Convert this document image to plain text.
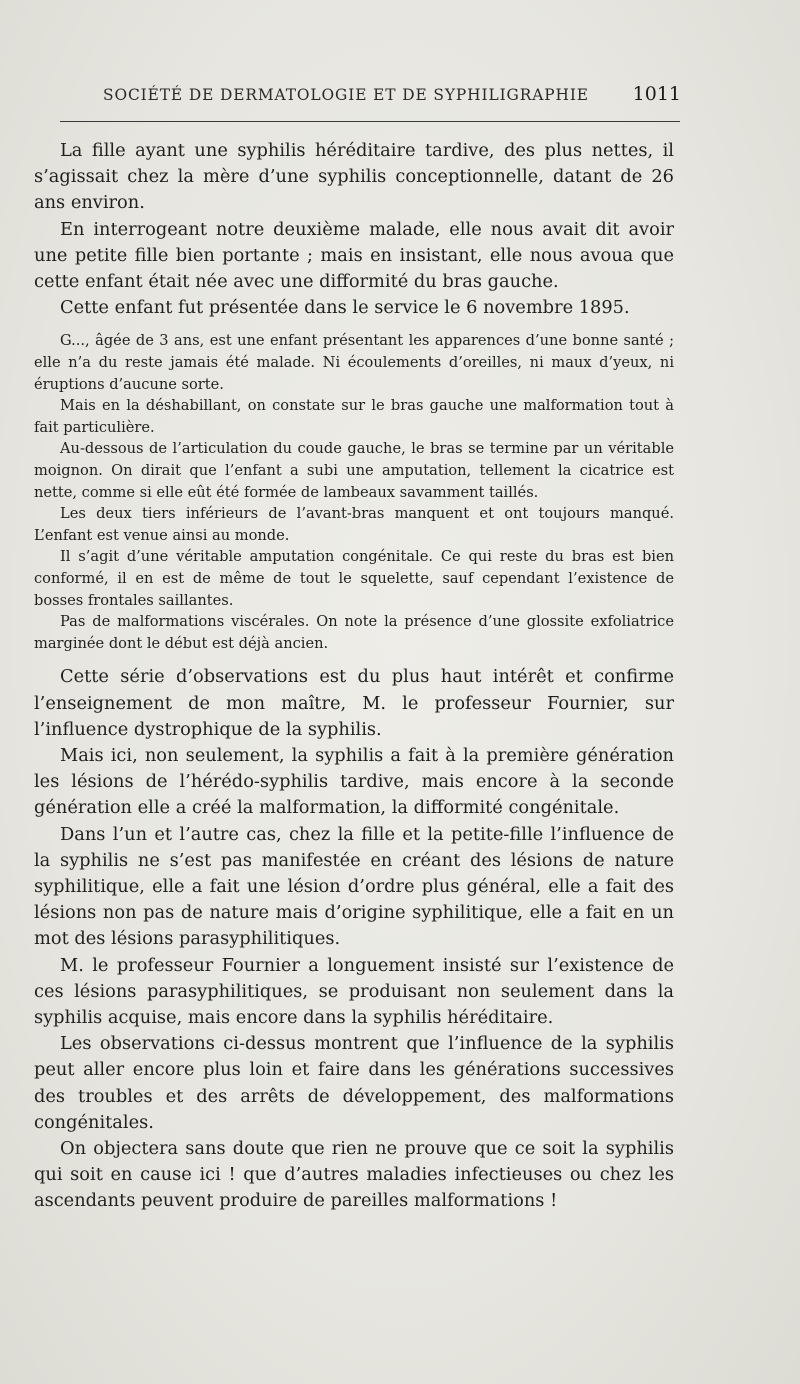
SOCIÉTÉ DE DERMATOLOGIE ET DE SYPHILIGRAPHIE 1011

La fille ayant une syphilis héréditaire tardive, des plus nettes, il s’agissait chez la mère d’une syphilis conceptionnelle, datant de 26 ans environ.

En interrogeant notre deuxième malade, elle nous avait dit avoir une petite fille bien portante ; mais en insistant, elle nous avoua que cette enfant était née avec une difformité du bras gauche.

Cette enfant fut présentée dans le service le 6 novembre 1895.

G..., âgée de 3 ans, est une enfant présentant les apparences d’une bonne santé ; elle n’a du reste jamais été malade. Ni écoulements d’oreilles, ni maux d’yeux, ni éruptions d’aucune sorte.

Mais en la déshabillant, on constate sur le bras gauche une malformation tout à fait particulière.

Au-dessous de l’articulation du coude gauche, le bras se termine par un véritable moignon. On dirait que l’enfant a subi une amputation, tellement la cicatrice est nette, comme si elle eût été formée de lambeaux savamment taillés.

Les deux tiers inférieurs de l’avant-bras manquent et ont toujours manqué. L’enfant est venue ainsi au monde.

Il s’agit d’une véritable amputation congénitale. Ce qui reste du bras est bien conformé, il en est de même de tout le squelette, sauf cependant l’existence de bosses frontales saillantes.

Pas de malformations viscérales. On note la présence d’une glossite exfoliatrice marginée dont le début est déjà ancien.

Cette série d’observations est du plus haut intérêt et confirme l’enseignement de mon maître, M. le professeur Fournier, sur l’influence dystrophique de la syphilis.

Mais ici, non seulement, la syphilis a fait à la première génération les lésions de l’hérédo-syphilis tardive, mais encore à la seconde génération elle a créé la malformation, la difformité congénitale.

Dans l’un et l’autre cas, chez la fille et la petite-fille l’influence de la syphilis ne s’est pas manifestée en créant des lésions de nature syphilitique, elle a fait une lésion d’ordre plus général, elle a fait des lésions non pas de nature mais d’origine syphilitique, elle a fait en un mot des lésions parasyphilitiques.

M. le professeur Fournier a longuement insisté sur l’existence de ces lésions parasyphilitiques, se produisant non seulement dans la syphilis acquise, mais encore dans la syphilis héréditaire.

Les observations ci-dessus montrent que l’influence de la syphilis peut aller encore plus loin et faire dans les générations successives des troubles et des arrêts de développement, des malformations congénitales.

On objectera sans doute que rien ne prouve que ce soit la syphilis qui soit en cause ici ! que d’autres maladies infectieuses ou chez les ascendants peuvent produire de pareilles malformations !
